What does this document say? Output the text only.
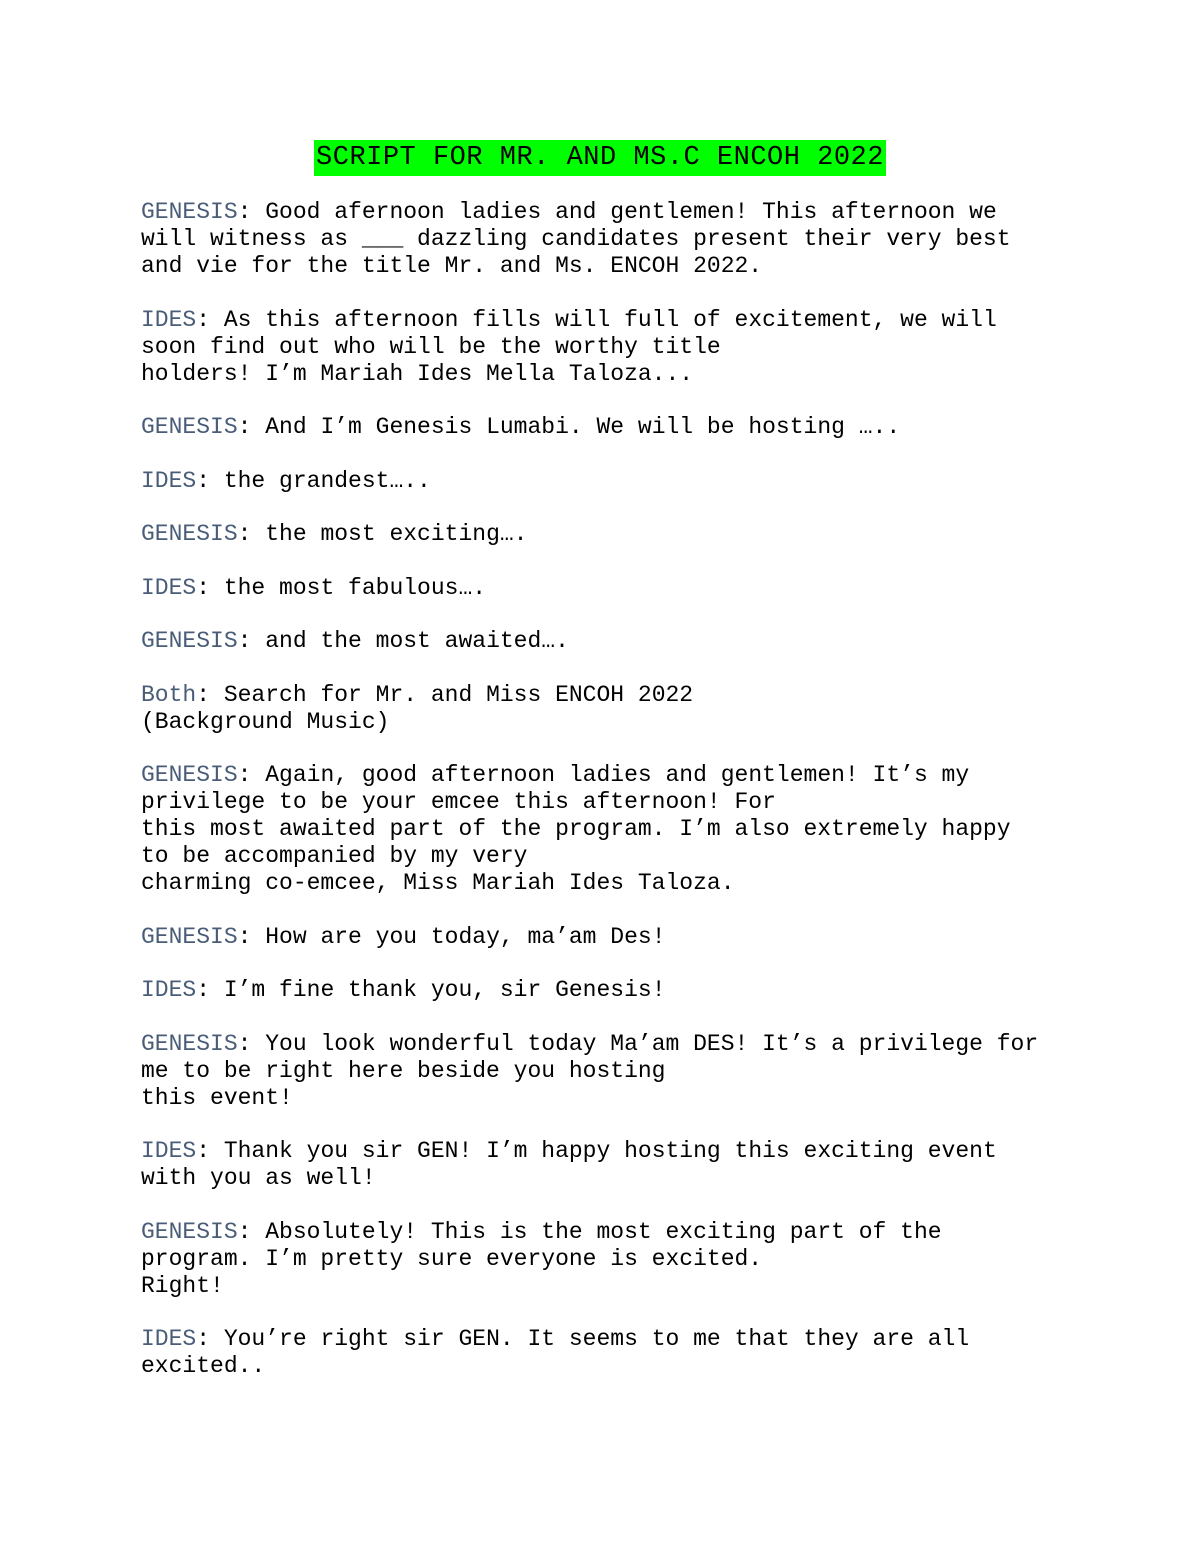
SCRIPT FOR MR. AND MS.C ENCOH 2022
GENESIS: Good afernoon ladies and gentlemen! This afternoon we
will witness as ___ dazzling candidates present their very best
and vie for the title Mr. and Ms. ENCOH 2022.
IDES: As this afternoon fills will full of excitement, we will
soon find out who will be the worthy title
holders! I’m Mariah Ides Mella Taloza...
GENESIS: And I’m Genesis Lumabi. We will be hosting …..
IDES: the grandest…..
GENESIS: the most exciting….
IDES: the most fabulous….
GENESIS: and the most awaited….
Both: Search for Mr. and Miss ENCOH 2022
(Background Music)
GENESIS: Again, good afternoon ladies and gentlemen! It’s my
privilege to be your emcee this afternoon! For
this most awaited part of the program. I’m also extremely happy
to be accompanied by my very
charming co-emcee, Miss Mariah Ides Taloza.
GENESIS: How are you today, ma’am Des!
IDES: I’m fine thank you, sir Genesis!
GENESIS: You look wonderful today Ma’am DES! It’s a privilege for
me to be right here beside you hosting
this event!
IDES: Thank you sir GEN! I’m happy hosting this exciting event
with you as well!
GENESIS: Absolutely! This is the most exciting part of the
program. I’m pretty sure everyone is excited.
Right!
IDES: You’re right sir GEN. It seems to me that they are all
excited..
